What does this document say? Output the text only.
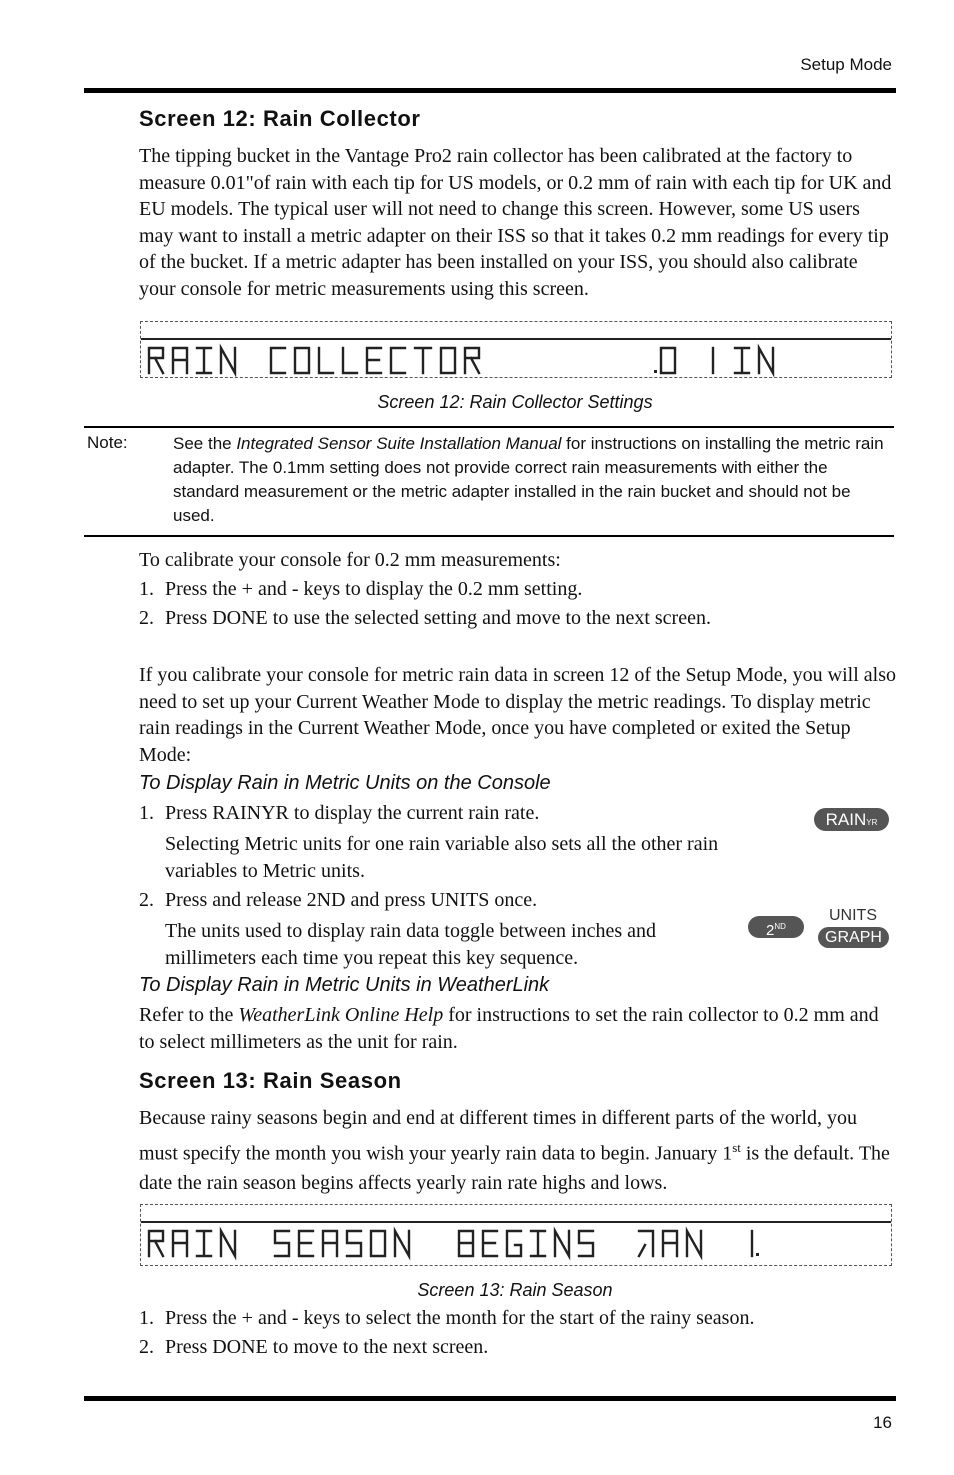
Setup Mode
Screen 12: Rain Collector
The tipping bucket in the Vantage Pro2 rain collector has been calibrated at the factory to measure 0.01"of rain with each tip for US models, or 0.2 mm of rain with each tip for UK and EU models. The typical user will not need to change this screen. However, some US users may want to install a metric adapter on their ISS so that it takes 0.2 mm readings for every tip of the bucket. If a metric adapter has been installed on your ISS, you should also calibrate your console for metric measurements using this screen.
Screen 12: Rain Collector Settings
Note:	See the Integrated Sensor Suite Installation Manual for instructions on installing the metric rain adapter. The 0.1mm setting does not provide correct rain measurements with either the standard measurement or the metric adapter installed in the rain bucket and should not be used.
To calibrate your console for 0.2 mm measurements:
1. Press the + and - keys to display the 0.2 mm setting.
2. Press DONE to use the selected setting and move to the next screen.
If you calibrate your console for metric rain data in screen 12 of the Setup Mode, you will also need to set up your Current Weather Mode to display the metric readings. To display metric rain readings in the Current Weather Mode, once you have completed or exited the Setup Mode:
To Display Rain in Metric Units on the Console
1. Press RAINYR to display the current rain rate.	RAINYR
Selecting Metric units for one rain variable also sets all the other rain variables to Metric units.
2. Press and release 2ND and press UNITS once.
2ND
UNITS
GRAPH
The units used to display rain data toggle between inches and millimeters each time you repeat this key sequence.
To Display Rain in Metric Units in WeatherLink
Refer to the WeatherLink Online Help for instructions to set the rain collector to 0.2 mm and to select millimeters as the unit for rain.
Screen 13: Rain Season
Because rainy seasons begin and end at different times in different parts of the world, you must specify the month you wish your yearly rain data to begin. January 1st is the default. The date the rain season begins affects yearly rain rate highs and lows.
Screen 13: Rain Season
1. Press the + and - keys to select the month for the start of the rainy season.
2. Press DONE to move to the next screen.
16
